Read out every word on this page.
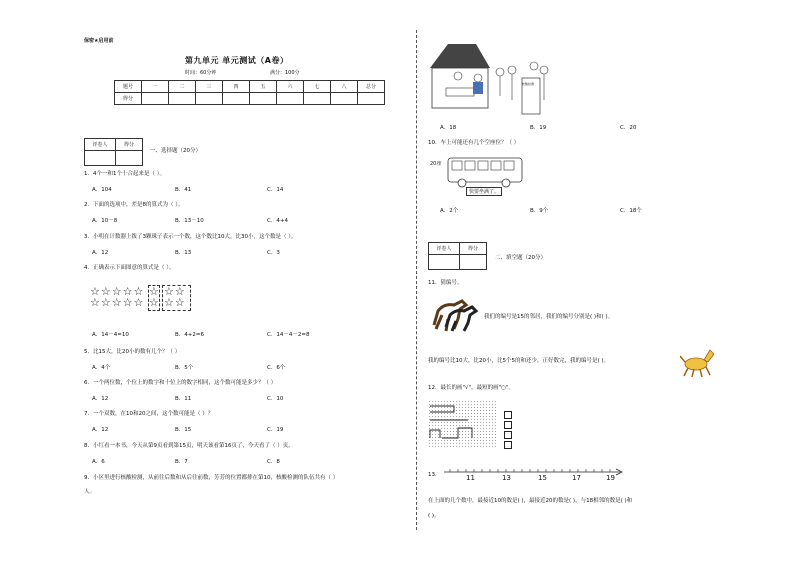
保密★启用前
第九单元 单元测试（A卷）
时间：60分钟	满分：100分
题号	一	二	三	四	五	六	七	八	总分
得分									
评卷人	得分

一、选择题（20分）
1．4个一和1个十合起来是（ ）。
A．104	B．41	C．14
2．下面的选项中，差是8的算式为（ ）。
A．10－8	B．13－10	C．4+4
3．小明在计数器上拨了3颗珠子表示一个数，这个数比10大，比30小，这个数是（ ）。
A．12	B．13	C．3
4．正确表示下面图意的算式是（ ）。
☆☆☆☆☆
☆☆☆☆☆
☆
☆
☆☆
☆☆
A．14－4=10	B．4+2=6	C．14－4－2=8
5．比15大，比20小的数有几个？（ ）
A．4个	B．5个	C．6个
6．一个两位数，个位上的数字和十位上的数字相同，这个数可能是多少？（ ）
A．12	B．11	C．10
7．一个双数，在10和20之间，这个数可能是（ ）？
A．12	B．15	C．19
8．小红看一本书，今天从第9页看到第15页，明天该看第16页了，今天看了（ ）页。
A．6	B．7	C．8
9．小区里进行核酸检测，从前往后数和从后往前数，芳芳的位置都排在第10，核酸检测的队伍共有（ ）
人。
核酸检测
A．18	B．19	C．20
10．车上可能还有几个空座位？（ ）
20座
快要坐满了。
A．2个	B．9个	C．18个
评卷人	得分

二、填空题（20分）
11．猜编号。
我们的编号是15的邻居，我们的编号分别是( )和( )。
我的编号比10大，比20小，比5个5的和还少，正好数完，我的编号是( )。
12．最长的画"√"，最短的画"○"。
13．	11	13	15	17	19
在上面的几个数中，最接近10的数是( )，最接近20的数是( )，与18相邻的数是( )和
( )。
